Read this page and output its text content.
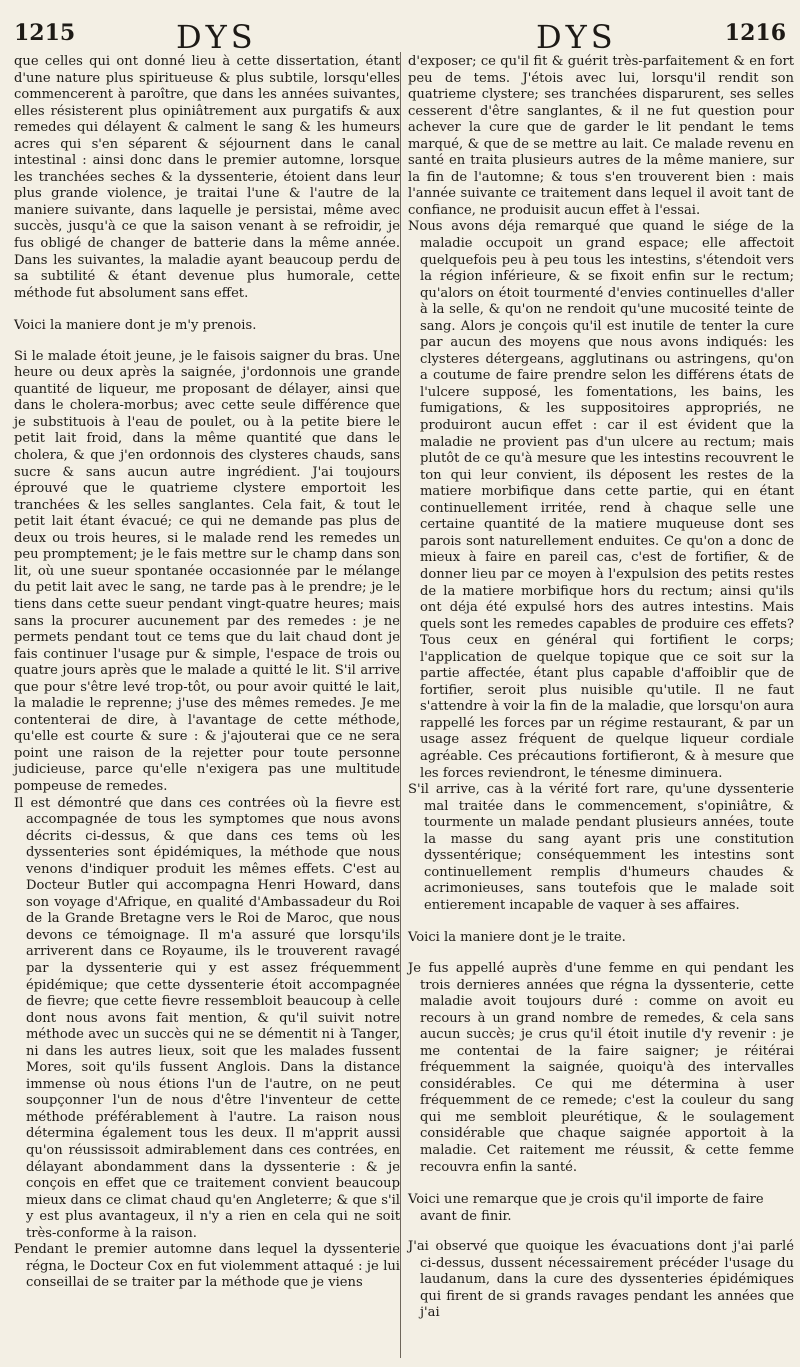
1215	DYS	DYS	1216

que celles qui ont donné lieu à cette dissertation, étant d'une nature plus spiritueuse & plus subtile, lorsqu'elles commencerent à paroître, que dans les années suivantes, elles résisterent plus opiniâtrement aux purgatifs & aux remedes qui délayent & calment le sang & les humeurs acres qui s'en séparent & séjournent dans le canal intestinal : ainsi donc dans le premier automne, lorsque les tranchées seches & la dyssenterie, étoient dans leur plus grande violence, je traitai l'une & l'autre de la maniere suivante, dans laquelle je persistai, même avec succès, jusqu'à ce que la saison venant à se refroidir, je fus obligé de changer de batterie dans la même année. Dans les suivantes, la maladie ayant beaucoup perdu de sa subtilité & étant devenue plus humorale, cette méthode fut absolument sans effet.

Voici la maniere dont je m'y prenois.

Si le malade étoit jeune, je le faisois saigner du bras. Une heure ou deux après la saignée, j'ordonnois une grande quantité de liqueur, me proposant de délayer, ainsi que dans le cholera-morbus; avec cette seule différence que je substituois à l'eau de poulet, ou à la petite biere le petit lait froid, dans la même quantité que dans le cholera, & que j'en ordonnois des clysteres chauds, sans sucre & sans aucun autre ingrédient. J'ai toujours éprouvé que le quatrieme clystere emportoit les tranchées & les selles sanglantes. Cela fait, & tout le petit lait étant évacué; ce qui ne demande pas plus de deux ou trois heures, si le malade rend les remedes un peu promptement; je le fais mettre sur le champ dans son lit, où une sueur spontanée occasionnée par le mélange du petit lait avec le sang, ne tarde pas à le prendre; je le tiens dans cette sueur pendant vingt-quatre heures; mais sans la procurer aucunement par des remedes : je ne permets pendant tout ce tems que du lait chaud dont je fais continuer l'usage pur & simple, l'espace de trois ou quatre jours après que le malade a quitté le lit. S'il arrive que pour s'être levé trop-tôt, ou pour avoir quitté le lait, la maladie le reprenne; j'use des mêmes remedes. Je me contenterai de dire, à l'avantage de cette méthode, qu'elle est courte & sure : & j'ajouterai que ce ne sera point une raison de la rejetter pour toute personne judicieuse, parce qu'elle n'exigera pas une multitude pompeuse de remedes.

Il est démontré que dans ces contrées où la fievre est accompagnée de tous les symptomes que nous avons décrits ci-dessus, & que dans ces tems où les dyssenteries sont épidémiques, la méthode que nous venons d'indiquer produit les mêmes effets. C'est au Docteur Butler qui accompagna Henri Howard, dans son voyage d'Afrique, en qualité d'Ambassadeur du Roi de la Grande Bretagne vers le Roi de Maroc, que nous devons ce témoignage. Il m'a assuré que lorsqu'ils arriverent dans ce Royaume, ils le trouverent ravagé par la dyssenterie qui y est assez fréquemment épidémique; que cette dyssenterie étoit accompagnée de fievre; que cette fievre ressembloit beaucoup à celle dont nous avons fait mention, & qu'il suivit notre méthode avec un succès qui ne se démentit ni à Tanger, ni dans les autres lieux, soit que les malades fussent Mores, soit qu'ils fussent Anglois. Dans la distance immense où nous étions l'un de l'autre, on ne peut soupçonner l'un de nous d'être l'inventeur de cette méthode préférablement à l'autre. La raison nous détermina également tous les deux. Il m'apprit aussi qu'on réussissoit admirablement dans ces contrées, en délayant abondamment dans la dyssenterie : & je conçois en effet que ce traitement convient beaucoup mieux dans ce climat chaud qu'en Angleterre; & que s'il y est plus avantageux, il n'y a rien en cela qui ne soit très-conforme à la raison.

Pendant le premier automne dans lequel la dyssenterie régna, le Docteur Cox en fut violemment attaqué : je lui conseillai de se traiter par la méthode que je viens

d'exposer; ce qu'il fit & guérit très-parfaitement & en fort peu de tems. J'étois avec lui, lorsqu'il rendit son quatrieme clystere; ses tranchées disparurent, ses selles cesserent d'être sanglantes, & il ne fut question pour achever la cure que de garder le lit pendant le tems marqué, & que de se mettre au lait. Ce malade revenu en santé en traita plusieurs autres de la même maniere, sur la fin de l'automne; & tous s'en trouverent bien : mais l'année suivante ce traitement dans lequel il avoit tant de confiance, ne produisit aucun effet à l'essai.

Nous avons déja remarqué que quand le siége de la maladie occupoit un grand espace; elle affectoit quelquefois peu à peu tous les intestins, s'étendoit vers la région inférieure, & se fixoit enfin sur le rectum; qu'alors on étoit tourmenté d'envies continuelles d'aller à la selle, & qu'on ne rendoit qu'une mucosité teinte de sang. Alors je conçois qu'il est inutile de tenter la cure par aucun des moyens que nous avons indiqués: les clysteres détergeans, agglutinans ou astringens, qu'on a coutume de faire prendre selon les différens états de l'ulcere supposé, les fomentations, les bains, les fumigations, & les suppositoires appropriés, ne produiront aucun effet : car il est évident que la maladie ne provient pas d'un ulcere au rectum; mais plutôt de ce qu'à mesure que les intestins recouvrent le ton qui leur convient, ils déposent les restes de la matiere morbifique dans cette partie, qui en étant continuellement irritée, rend à chaque selle une certaine quantité de la matiere muqueuse dont ses parois sont naturellement enduites. Ce qu'on a donc de mieux à faire en pareil cas, c'est de fortifier, & de donner lieu par ce moyen à l'expulsion des petits restes de la matiere morbifique hors du rectum; ainsi qu'ils ont déja été expulsé hors des autres intestins. Mais quels sont les remedes capables de produire ces effets? Tous ceux en général qui fortifient le corps; l'application de quelque topique que ce soit sur la partie affectée, étant plus capable d'affoiblir que de fortifier, seroit plus nuisible qu'utile. Il ne faut s'attendre à voir la fin de la maladie, que lorsqu'on aura rappellé les forces par un régime restaurant, & par un usage assez fréquent de quelque liqueur cordiale agréable. Ces précautions fortifieront, & à mesure que les forces reviendront, le ténesme diminuera.

S'il arrive, cas à la vérité fort rare, qu'une dyssenterie mal traitée dans le commencement, s'opiniâtre, & tourmente un malade pendant plusieurs années, toute la masse du sang ayant pris une constitution dyssentérique; conséquemment les intestins sont continuellement remplis d'humeurs chaudes & acrimonieuses, sans toutefois que le malade soit entierement incapable de vaquer à ses affaires.

Voici la maniere dont je le traite.

Je fus appellé auprès d'une femme en qui pendant les trois dernieres années que régna la dyssenterie, cette maladie avoit toujours duré : comme on avoit eu recours à un grand nombre de remedes, & cela sans aucun succès; je crus qu'il étoit inutile d'y revenir : je me contentai de la faire saigner; je réitérai fréquemment la saignée, quoiqu'à des intervalles considérables. Ce qui me détermina à user fréquemment de ce remede; c'est la couleur du sang qui me sembloit pleurétique, & le soulagement considérable que chaque saignée apportoit à la maladie. Cet raitement me réussit, & cette femme recouvra enfin la santé.

Voici une remarque que je crois qu'il importe de faire avant de finir.

J'ai observé que quoique les évacuations dont j'ai parlé ci-dessus, dussent nécessairement précéder l'usage du laudanum, dans la cure des dyssenteries épidémiques qui firent de si grands ravages pendant les années que j'ai
